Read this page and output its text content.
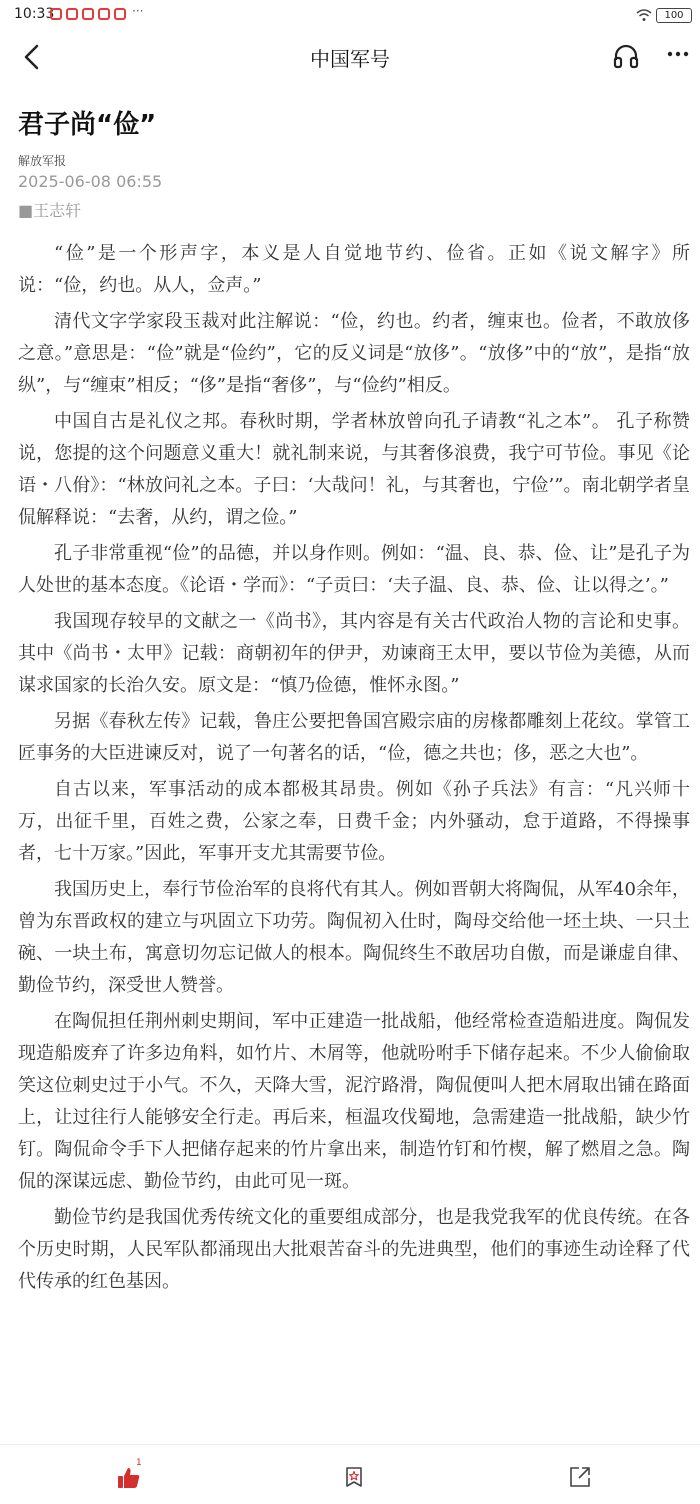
10:33	···	100
中国军号
君子尚“俭”
解放军报
2025-06-08 06:55
■王志轩

“俭”是一个形声字，本义是人自觉地节约、俭省。正如《说文解字》所说：“俭，约也。从人，佥声。”

清代文字学家段玉裁对此注解说：“俭，约也。约者，缠束也。俭者，不敢放侈之意。”意思是：“俭”就是“俭约”，它的反义词是“放侈”。“放侈”中的“放”，是指“放纵”，与“缠束”相反；“侈”是指“奢侈”，与“俭约”相反。

中国自古是礼仪之邦。春秋时期，学者林放曾向孔子请教“礼之本”。 孔子称赞说，您提的这个问题意义重大！就礼制来说，与其奢侈浪费，我宁可节俭。事见《论语・八佾》：“林放问礼之本。子曰：‘大哉问！礼，与其奢也，宁俭’”。南北朝学者皇侃解释说：“去奢，从约，谓之俭。”

孔子非常重视“俭”的品德，并以身作则。例如：“温、良、恭、俭、让”是孔子为人处世的基本态度。《论语・学而》：“子贡曰：‘夫子温、良、恭、俭、让以得之’。”

我国现存较早的文献之一《尚书》，其内容是有关古代政治人物的言论和史事。其中《尚书・太甲》记载：商朝初年的伊尹，劝谏商王太甲，要以节俭为美德，从而谋求国家的长治久安。原文是：“慎乃俭德，惟怀永图。”

另据《春秋左传》记载，鲁庄公要把鲁国宫殿宗庙的房椽都雕刻上花纹。掌管工匠事务的大臣进谏反对，说了一句著名的话，“俭，德之共也；侈，恶之大也”。

自古以来，军事活动的成本都极其昂贵。例如《孙子兵法》有言：“凡兴师十万，出征千里，百姓之费，公家之奉，日费千金；内外骚动，怠于道路，不得操事者，七十万家。”因此，军事开支尤其需要节俭。

我国历史上，奉行节俭治军的良将代有其人。例如晋朝大将陶侃，从军40余年，曾为东晋政权的建立与巩固立下功劳。陶侃初入仕时，陶母交给他一坯土块、一只土碗、一块土布，寓意切勿忘记做人的根本。陶侃终生不敢居功自傲，而是谦虚自律、勤俭节约，深受世人赞誉。

在陶侃担任荆州刺史期间，军中正建造一批战船，他经常检查造船进度。陶侃发现造船废弃了许多边角料，如竹片、木屑等，他就吩咐手下储存起来。不少人偷偷取笑这位刺史过于小气。不久，天降大雪，泥泞路滑，陶侃便叫人把木屑取出铺在路面上，让过往行人能够安全行走。再后来，桓温攻伐蜀地，急需建造一批战船，缺少竹钉。陶侃命令手下人把储存起来的竹片拿出来，制造竹钉和竹楔，解了燃眉之急。陶侃的深谋远虑、勤俭节约，由此可见一斑。

勤俭节约是我国优秀传统文化的重要组成部分，也是我党我军的优良传统。在各个历史时期，人民军队都涌现出大批艰苦奋斗的先进典型，他们的事迹生动诠释了代代传承的红色基因。

1
